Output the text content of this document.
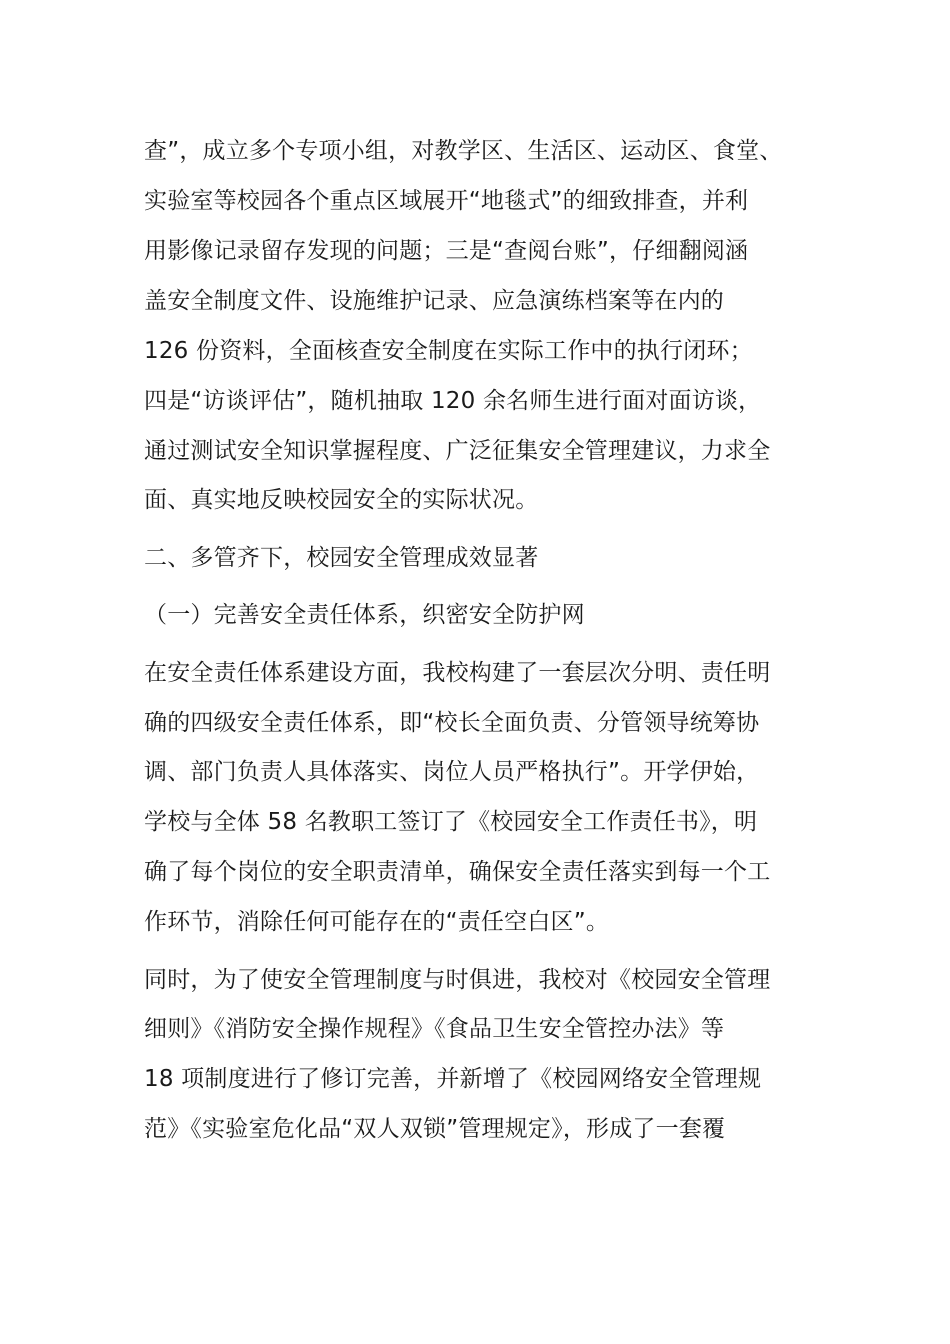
查”，成立多个专项小组，对教学区、生活区、运动区、食堂、
实验室等校园各个重点区域展开“地毯式”的细致排查，并利
用影像记录留存发现的问题；三是“查阅台账”，仔细翻阅涵
盖安全制度文件、设施维护记录、应急演练档案等在内的
126 份资料，全面核查安全制度在实际工作中的执行闭环；
四是“访谈评估”，随机抽取 120 余名师生进行面对面访谈，
通过测试安全知识掌握程度、广泛征集安全管理建议，力求全
面、真实地反映校园安全的实际状况。
二、多管齐下，校园安全管理成效显著
（一）完善安全责任体系，织密安全防护网
在安全责任体系建设方面，我校构建了一套层次分明、责任明
确的四级安全责任体系，即“校长全面负责、分管领导统筹协
调、部门负责人具体落实、岗位人员严格执行”。开学伊始，
学校与全体 58 名教职工签订了《校园安全工作责任书》，明
确了每个岗位的安全职责清单，确保安全责任落实到每一个工
作环节，消除任何可能存在的“责任空白区”。
同时，为了使安全管理制度与时俱进，我校对《校园安全管理
细则》《消防安全操作规程》《食品卫生安全管控办法》等
18 项制度进行了修订完善，并新增了《校园网络安全管理规
范》《实验室危化品“双人双锁”管理规定》，形成了一套覆
